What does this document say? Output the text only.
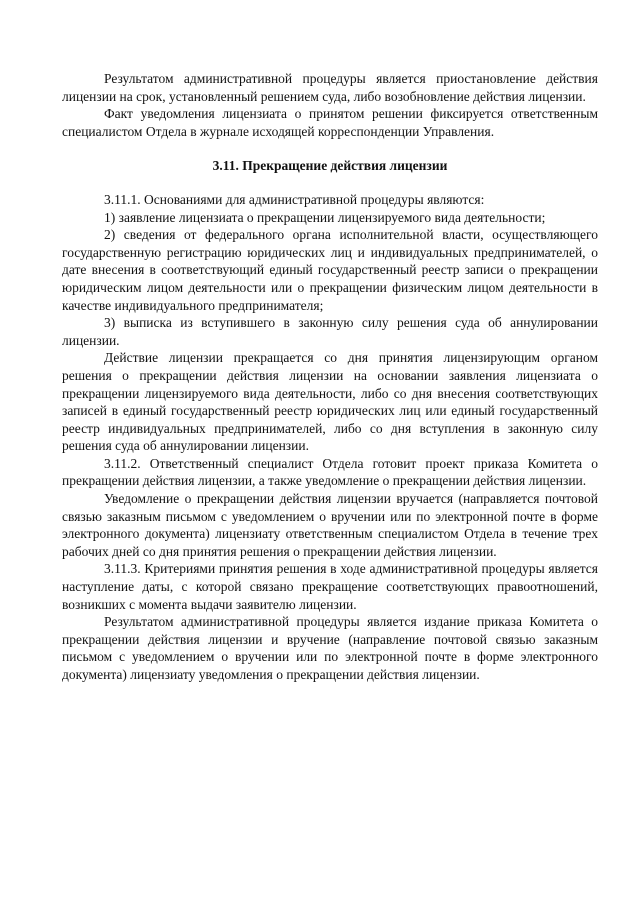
Результатом административной процедуры является приостановление действия лицензии на срок, установленный решением суда, либо возобновление действия лицензии.

Факт уведомления лицензиата о принятом решении фиксируется ответственным специалистом Отдела в журнале исходящей корреспонденции Управления.

3.11. Прекращение действия лицензии

3.11.1. Основаниями для административной процедуры являются:

1) заявление лицензиата о прекращении лицензируемого вида деятельности;

2) сведения от федерального органа исполнительной власти, осуществляющего государственную регистрацию юридических лиц и индивидуальных предпринимателей, о дате внесения в соответствующий единый государственный реестр записи о прекращении юридическим лицом деятельности или о прекращении физическим лицом деятельности в качестве индивидуального предпринимателя;

3) выписка из вступившего в законную силу решения суда об аннулировании лицензии.

Действие лицензии прекращается со дня принятия лицензирующим органом решения о прекращении действия лицензии на основании заявления лицензиата о прекращении лицензируемого вида деятельности, либо со дня внесения соответствующих записей в единый государственный реестр юридических лиц или единый государственный реестр индивидуальных предпринимателей, либо со дня вступления в законную силу решения суда об аннулировании лицензии.

3.11.2. Ответственный специалист Отдела готовит проект приказа Комитета о прекращении действия лицензии, а также уведомление о прекращении действия лицензии.

Уведомление о прекращении действия лицензии вручается (направляется почтовой связью заказным письмом с уведомлением о вручении или по электронной почте в форме электронного документа) лицензиату ответственным специалистом Отдела в течение трех рабочих дней со дня принятия решения о прекращении действия лицензии.

3.11.3. Критериями принятия решения в ходе административной процедуры является наступление даты, с которой связано прекращение соответствующих правоотношений, возникших с момента выдачи заявителю лицензии.

Результатом административной процедуры является издание приказа Комитета о прекращении действия лицензии и вручение (направление почтовой связью заказным письмом с уведомлением о вручении или по электронной почте в форме электронного документа) лицензиату уведомления о прекращении действия лицензии.
